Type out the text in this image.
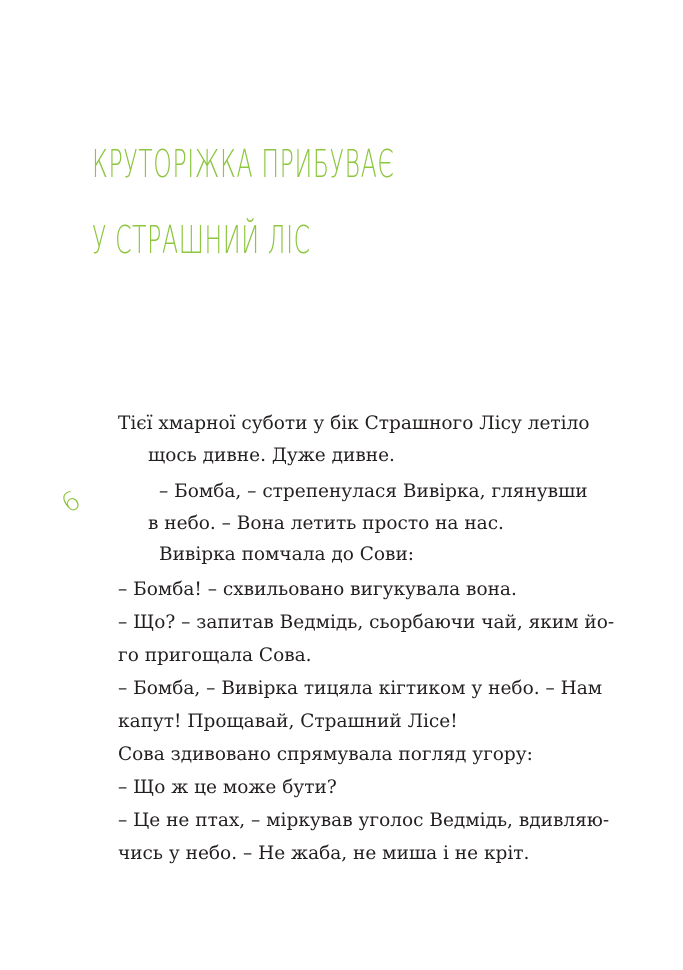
КРУТОРІЖКА ПРИБУВАЄ
У СТРАШНИЙ ЛІС
6
Тієї хмарної суботи у бік Страшного Лісу летіло
щось дивне. Дуже дивне.
– Бомба, – стрепенулася Вивірка, глянувши
в небо. – Вона летить просто на нас.
Вивірка помчала до Сови:
– Бомба! – схвильовано вигукувала вона.
– Що? – запитав Ведмідь, сьорбаючи чай, яким йо-
го пригощала Сова.
– Бомба, – Вивірка тицяла кігтиком у небо. – Нам
капут! Прощавай, Страшний Лісе!
Сова здивовано спрямувала погляд угору:
– Що ж це може бути?
– Це не птах, – міркував уголос Ведмідь, вдивляю-
чись у небо. – Не жаба, не миша і не кріт.
